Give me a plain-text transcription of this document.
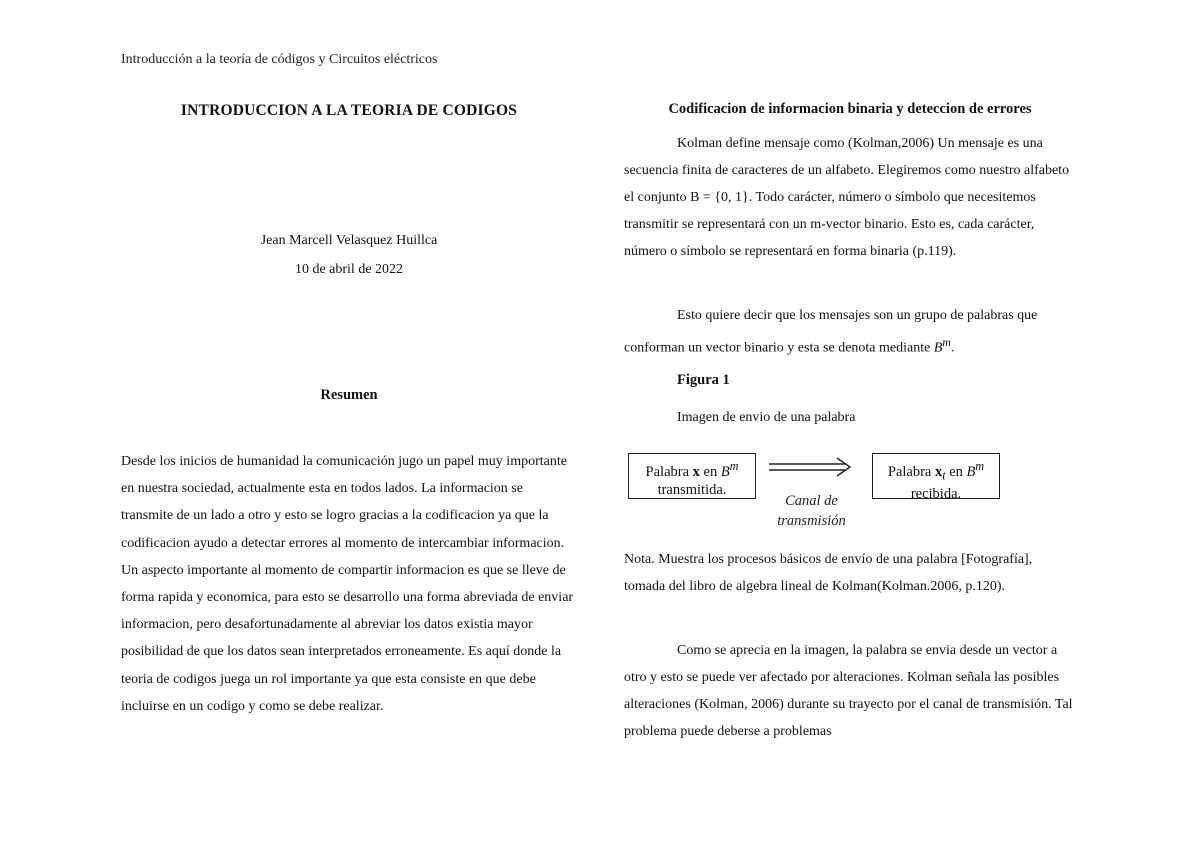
Introducción a la teoría de códigos y Circuitos eléctricos
INTRODUCCION A LA TEORIA DE CODIGOS
Jean Marcell Velasquez Huillca
10 de abril de 2022
Resumen

Desde los inicios de humanidad la comunicación jugo un papel muy importante en nuestra sociedad, actualmente esta en todos lados. La informacion se transmite de un lado a otro y esto se logro gracias a la codificacion ya que la codificacion ayudo a detectar errores al momento de intercambiar informacion. Un aspecto importante al momento de compartir informacion es que se lleve de forma rapida y economica, para esto se desarrollo una forma abreviada de enviar informacion, pero desafortunadamente al abreviar los datos existia mayor posibilidad de que los datos sean interpretados erroneamente. Es aquí donde la teoria de codigos juega un rol importante ya que esta consiste en que debe incluirse en un codigo y como se debe realizar.

Codificacion de informacion binaria y deteccion de errores

Kolman define mensaje como (Kolman,2006) Un mensaje es una secuencia finita de caracteres de un alfabeto. Elegiremos como nuestro alfabeto el conjunto B = {0, 1}. Todo carácter, número o símbolo que necesitemos transmitir se representará con un m-vector binario. Esto es, cada carácter, número o símbolo se representará en forma binaria (p.119).

Esto quiere decir que los mensajes son un grupo de palabras que conforman un vector binario y esta se denota mediante $B^m$.

Figura 1
Imagen de envio de una palabra
Palabra x en $B^m$
transmitida.
Canal de
transmisión
Palabra $x_t$ en $B^m$
recibida.

Nota. Muestra los procesos básicos de envío de una palabra [Fotografía], tomada del libro de algebra lineal de Kolman(Kolman.2006, p.120).

Como se aprecia en la imagen, la palabra se envia desde un vector a otro y esto se puede ver afectado por alteraciones. Kolman señala las posibles alteraciones (Kolman, 2006) durante su trayecto por el canal de transmisión. Tal problema puede deberse a problemas
